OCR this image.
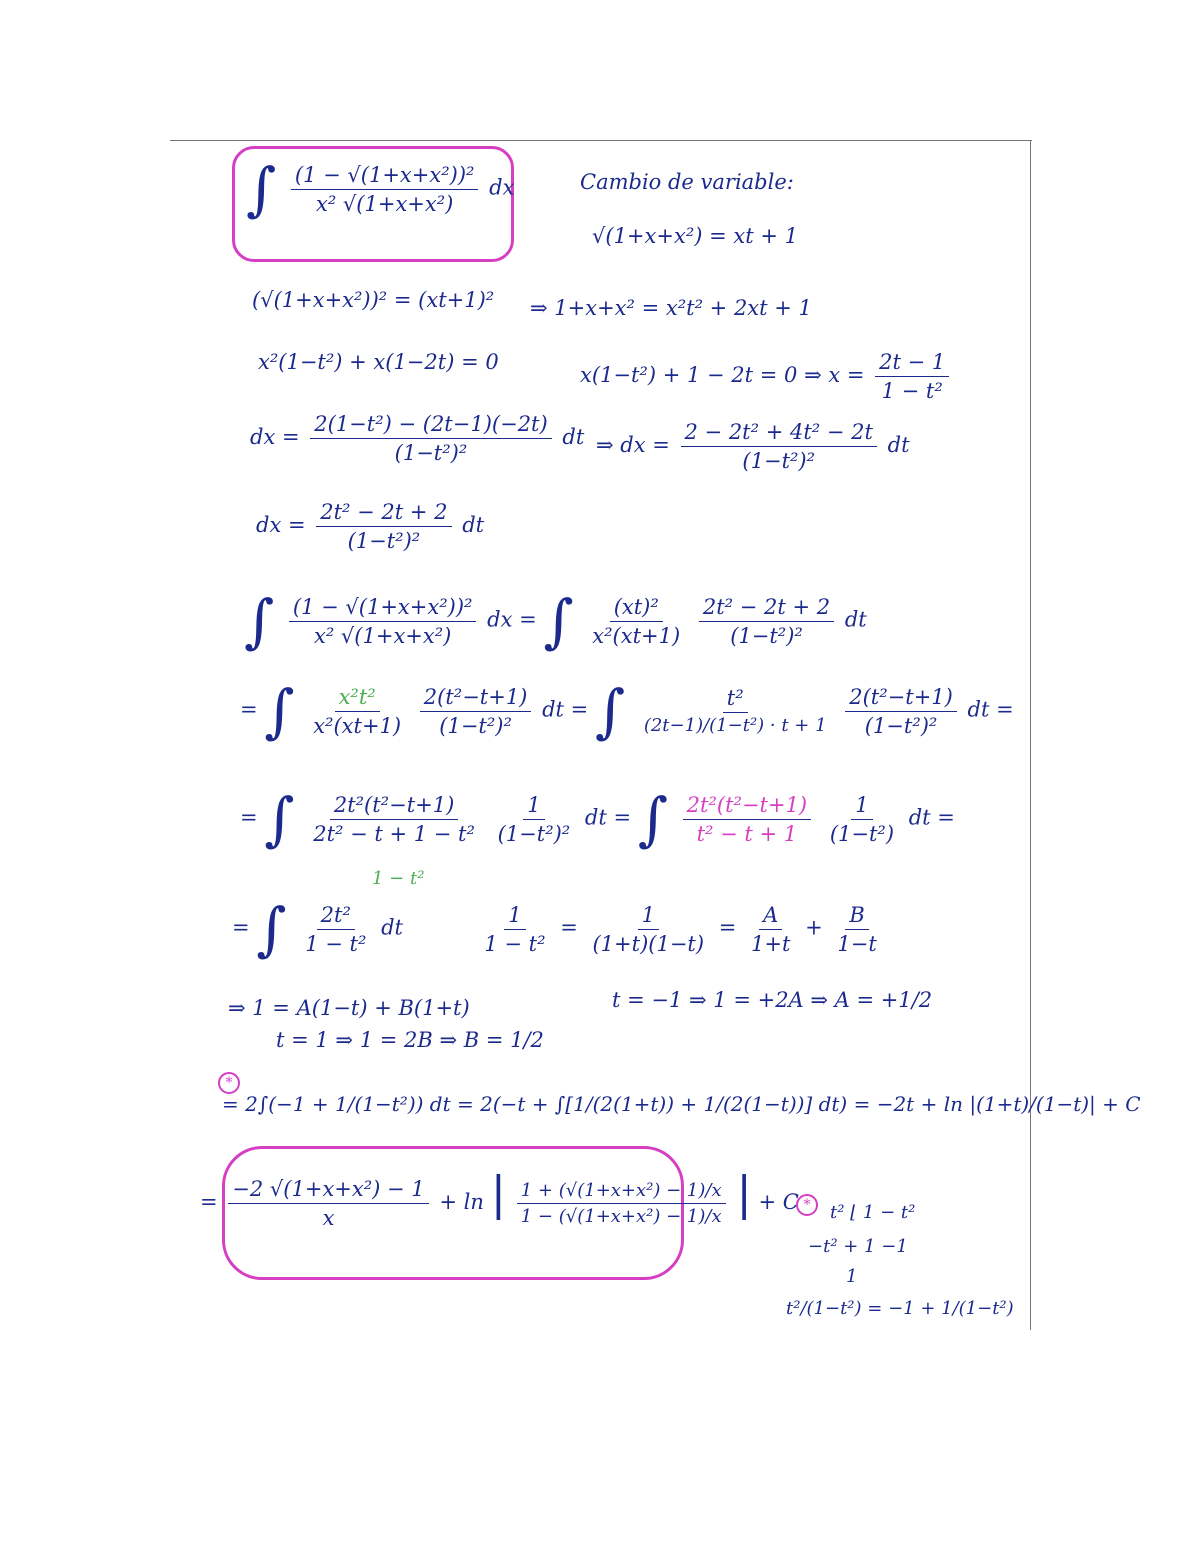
∫ $\frac{\text{(1 − √(1+x+x²))²}}{\text{x² √(1+x+x²)}}$ dx	Cambio de variable:
√(1+x+x²) = xt + 1
(√(1+x+x²))² = (xt+1)² ⇒ 1+x+x² = x²t² + 2xt + 1
x²(1−t²) + x(1−2t) = 0
x(1−t²) + 1 − 2t = 0 ⇒ $x = \frac{2t - 1}{\text{1 − t²}}$
dx = $\frac{\text{2(1−t²) − (2t−1)(−2t)}}{\text{(1−t²)²}}$ dt ⇒ dx = $\frac{\text{2 − 2t² + 4t² − 2t}}{\text{(1−t²)²}}$ dt
dx = $\frac{\text{2t² − 2t + 2}}{\text{(1−t²)²}}$ dt
∫ $\frac{\text{(1 − √(1+x+x²))²}}{\text{x² √(1+x+x²)}}$ dx = ∫ $\frac{\text{(xt)²}}{\text{x²(xt+1)}}$
$\frac{\text{2t² − 2t + 2}}{\text{(1−t²)²}}$ dt
= ∫ $\frac{\text{x²t²}}{\text{x²(xt+1)}}$
$\frac{\text{2(t²−t+1)}}{\text{(1−t²)²}}$ dt = ∫ $\frac{\text{t²}}{\text{(2t−1)/(1−t²) · t + 1}}$
$\frac{\text{2(t²−t+1)}}{\text{(1−t²)²}}$ dt =
= ∫ $\frac{\text{2t²(t²−t+1)}}{\text{2t² − t + 1 − t²}}$
$\frac{1}{\text{(1−t²)²}}$ dt = ∫ $\frac{\text{2t²(t²−t+1)}}{\text{t² − t + 1}}$
$\frac{1}{\text{(1−t²)}}$ dt =
1 − t²
= ∫ $\frac{\text{2t²}}{\text{1 − t²}}$ dt	$\frac{1}{\text{1 − t²}} = \frac{1}{(1+t)(1-t)} = \frac{A}{1+t} + \frac{B}{1-t}$
⇒ 1 = A(1−t) + B(1+t)	t = −1 ⇒ 1 = +2A ⇒ A = +1/2
t = 1 ⇒ 1 = 2B ⇒ B = 1/2
*
= 2∫(−1 + 1/(1−t²)) dt = 2(−t + ∫[1/(2(1+t)) + 1/(2(1−t))] dt) = −2t + ln |(1+t)/(1−t)| + C
= $\frac{\text{−2 √(1+x+x²) − 1}}{x} + \ln$ | $\frac{\text{1 + (√(1+x+x²) − 1)/x}}{\text{1 − (√(1+x+x²) − 1)/x}}$ | + C *	t² ⌊ 1 − t²
−t² + 1 −1
1
t²/(1−t²) = −1 + 1/(1−t²)
